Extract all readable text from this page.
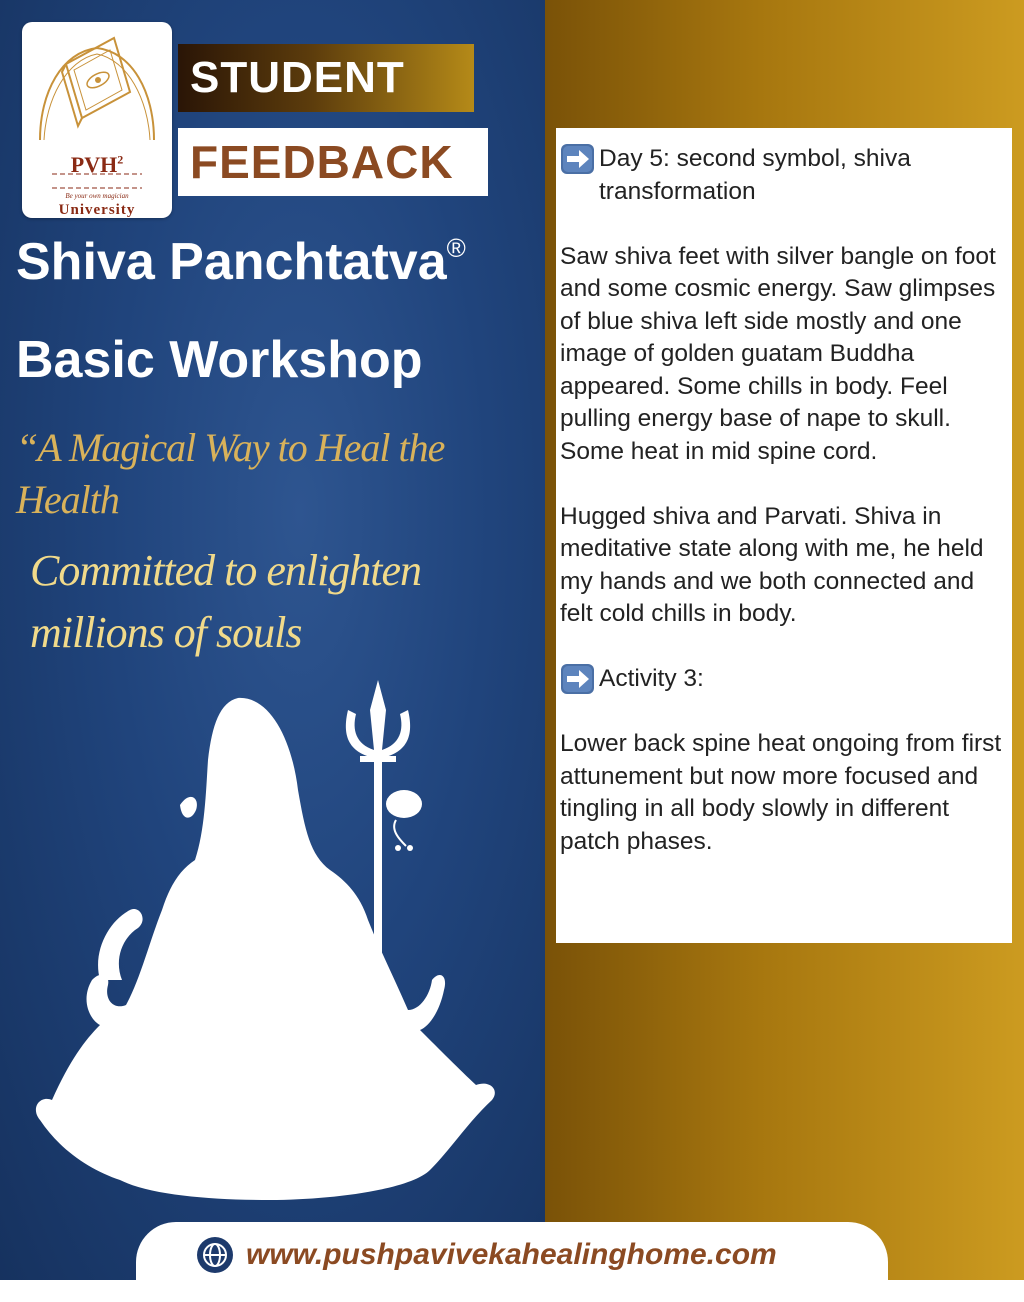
PVH$^2$
Be your own magician
University
STUDENT
FEEDBACK
Shiva Panchtatva®
Basic Workshop
“A Magical Way to Heal the Health
Committed to enlighten millions of souls
Day 5: second symbol, shiva transformation

Saw shiva feet with silver bangle on foot and some cosmic energy. Saw glimpses of blue shiva left side mostly and one image of golden guatam Buddha appeared. Some chills in body. Feel pulling energy base of nape to skull. Some heat in mid spine cord.

Hugged shiva and Parvati. Shiva in meditative state along with me, he held my hands and we both connected and felt cold chills in body.

Activity 3:

Lower back spine heat ongoing from first attunement but now more focused and tingling in all body slowly in different patch phases.

www.pushpavivekahealinghome.com
